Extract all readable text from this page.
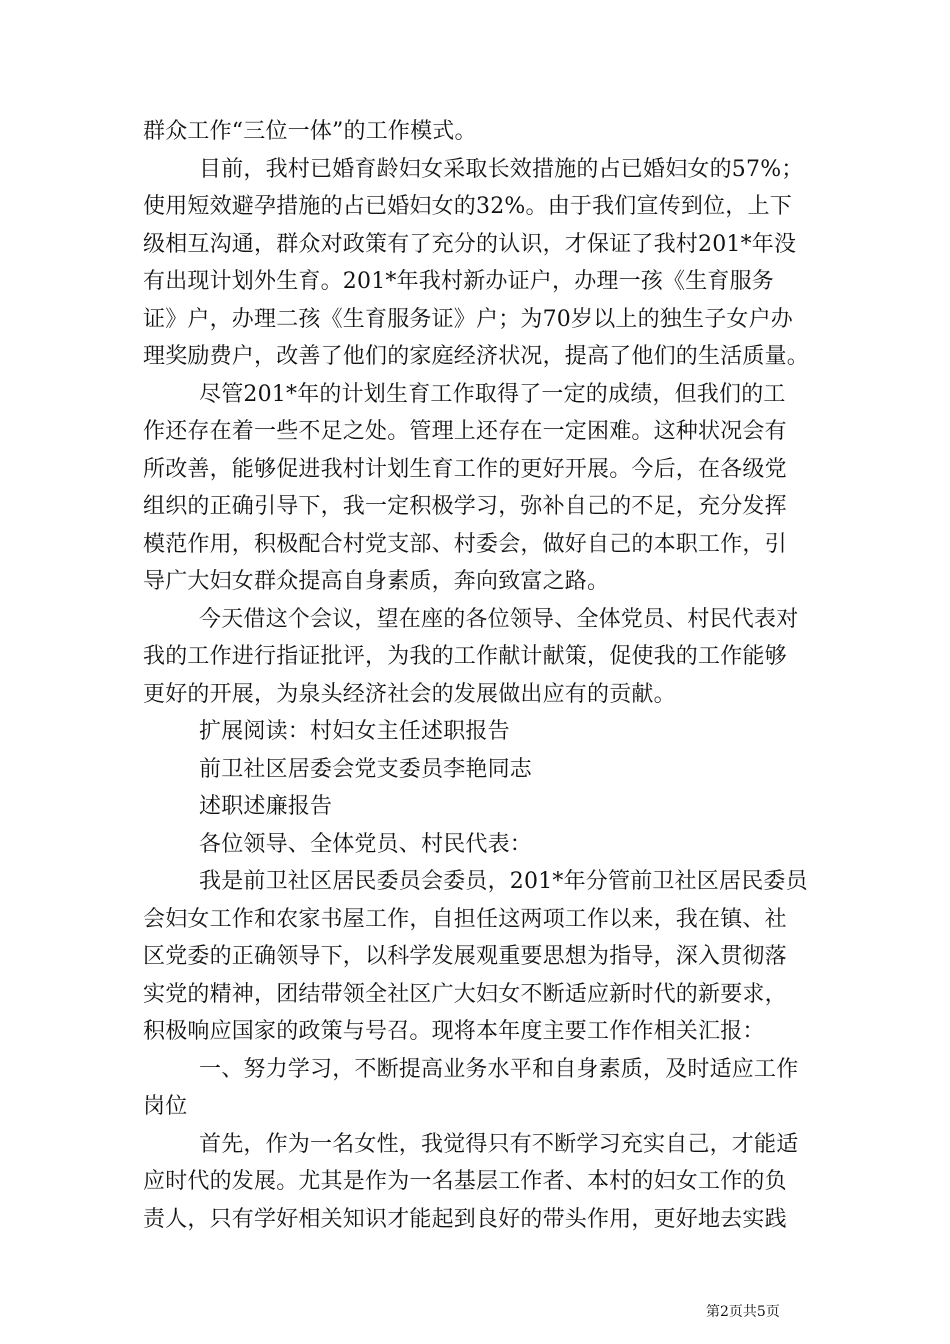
群众工作“三位一体”的工作模式。
目前，我村已婚育龄妇女采取长效措施的占已婚妇女的57%；
使用短效避孕措施的占已婚妇女的32%。由于我们宣传到位，上下
级相互沟通，群众对政策有了充分的认识，才保证了我村201*年没
有出现计划外生育。201*年我村新办证户，办理一孩《生育服务
证》户，办理二孩《生育服务证》户；为70岁以上的独生子女户办
理奖励费户，改善了他们的家庭经济状况，提高了他们的生活质量。
尽管201*年的计划生育工作取得了一定的成绩，但我们的工
作还存在着一些不足之处。管理上还存在一定困难。这种状况会有
所改善，能够促进我村计划生育工作的更好开展。今后，在各级党
组织的正确引导下，我一定积极学习，弥补自己的不足，充分发挥
模范作用，积极配合村党支部、村委会，做好自己的本职工作，引
导广大妇女群众提高自身素质，奔向致富之路。
今天借这个会议，望在座的各位领导、全体党员、村民代表对
我的工作进行指证批评，为我的工作献计献策，促使我的工作能够
更好的开展，为泉头经济社会的发展做出应有的贡献。
扩展阅读：村妇女主任述职报告
前卫社区居委会党支委员李艳同志
述职述廉报告
各位领导、全体党员、村民代表：
我是前卫社区居民委员会委员，201*年分管前卫社区居民委员
会妇女工作和农家书屋工作，自担任这两项工作以来，我在镇、社
区党委的正确领导下，以科学发展观重要思想为指导，深入贯彻落
实党的精神，团结带领全社区广大妇女不断适应新时代的新要求，
积极响应国家的政策与号召。现将本年度主要工作作相关汇报：
一、努力学习，不断提高业务水平和自身素质，及时适应工作
岗位
首先，作为一名女性，我觉得只有不断学习充实自己，才能适
应时代的发展。尤其是作为一名基层工作者、本村的妇女工作的负
责人，只有学好相关知识才能起到良好的带头作用，更好地去实践
第2页共5页
